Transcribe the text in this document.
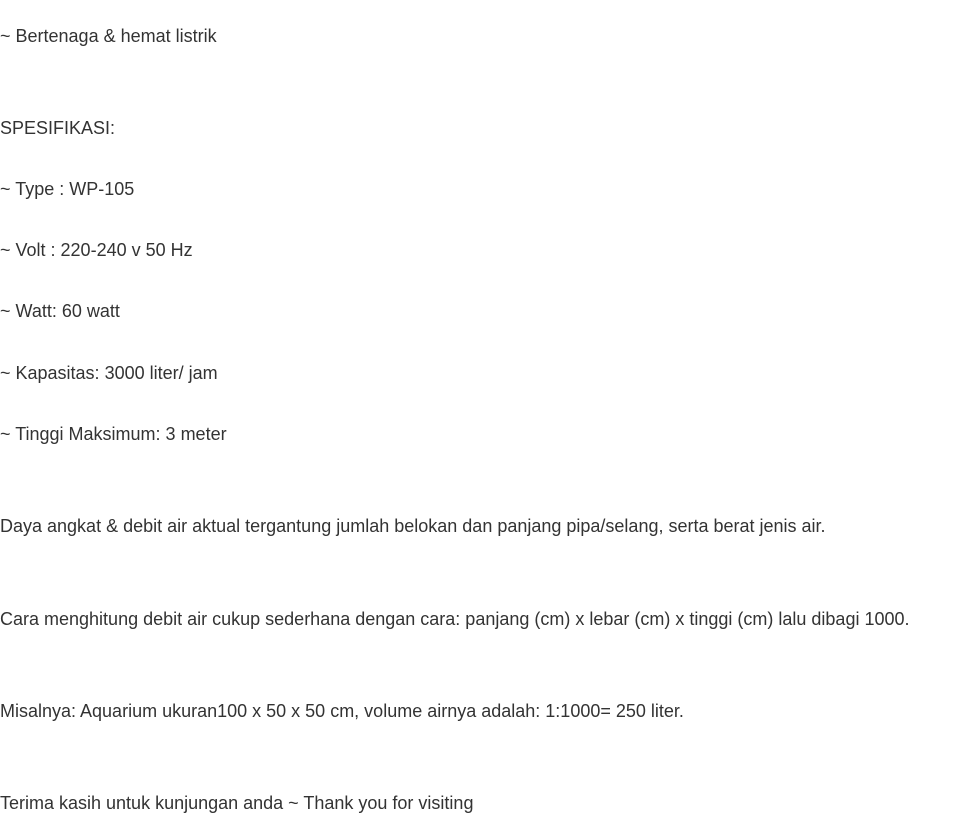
~ Bertenaga & hemat listrik

SPESIFIKASI:

~ Type : WP-105

~ Volt : 220-240 v 50 Hz

~ Watt: 60 watt

~ Kapasitas: 3000 liter/ jam

~ Tinggi Maksimum: 3 meter

Daya angkat & debit air aktual tergantung jumlah belokan dan panjang pipa/selang, serta berat jenis air.

Cara menghitung debit air cukup sederhana dengan cara: panjang (cm) x lebar (cm) x tinggi (cm) lalu dibagi 1000.

Misalnya: Aquarium ukuran100 x 50 x 50 cm, volume airnya adalah: 1:1000= 250 liter.

Terima kasih untuk kunjungan anda ~ Thank you for visiting
